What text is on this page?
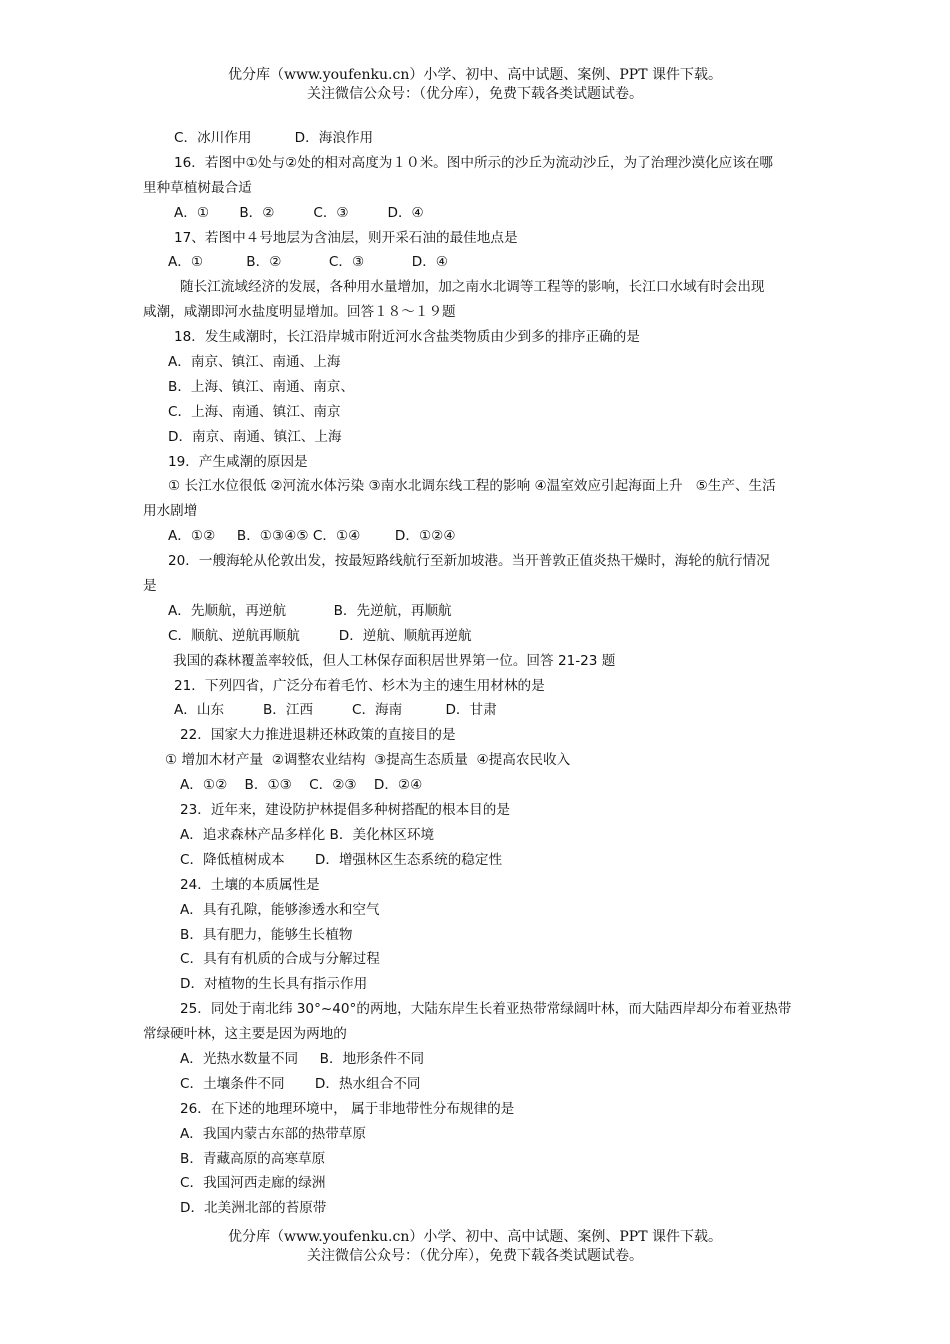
优分库（www.youfenku.cn）小学、初中、高中试题、案例、PPT 课件下载。
关注微信公众号：（优分库），免费下载各类试题试卷。
C．冰川作用          D．海浪作用
16．若图中①处与②处的相对高度为１０米。图中所示的沙丘为流动沙丘，为了治理沙漠化应该在哪
里种草植树最合适
A．①       B．②         C．③         D．④
17、若图中４号地层为含油层，则开采石油的最佳地点是
A．①          B．②           C．③           D．④
随长江流域经济的发展，各种用水量增加，加之南水北调等工程等的影响，长江口水域有时会出现
咸潮，咸潮即河水盐度明显增加。回答１８～１９题
18．发生咸潮时，长江沿岸城市附近河水含盐类物质由少到多的排序正确的是
A．南京、镇江、南通、上海
B．上海、镇江、南通、南京、
C．上海、南通、镇江、南京
D．南京、南通、镇江、上海
19．产生咸潮的原因是
① 长江水位很低 ②河流水体污染 ③南水北调东线工程的影响 ④温室效应引起海面上升   ⑤生产、生活
用水剧增
A．①②     B．①③④⑤ C．①④        D．①②④
20．一艘海轮从伦敦出发，按最短路线航行至新加坡港。当开普敦正值炎热干燥时，海轮的航行情况
是
A．先顺航，再逆航           B．先逆航，再顺航
C．顺航、逆航再顺航         D．逆航、顺航再逆航
我国的森林覆盖率较低，但人工林保存面积居世界第一位。回答 21-23 题
21．下列四省，广泛分布着毛竹、杉木为主的速生用材林的是
A．山东         B．江西         C．海南          D．甘肃
22．国家大力推进退耕还林政策的直接目的是
① 增加木材产量  ②调整农业结构  ③提高生态质量  ④提高农民收入
A．①②    B．①③    C．②③    D．②④
23．近年来，建设防护林提倡多种树搭配的根本目的是
A．追求森林产品多样化 B．美化林区环境
C．降低植树成本       D．增强林区生态系统的稳定性
24．土壤的本质属性是
A．具有孔隙，能够渗透水和空气
B．具有肥力，能够生长植物
C．具有有机质的合成与分解过程
D．对植物的生长具有指示作用
25．同处于南北纬 30°~40°的两地，大陆东岸生长着亚热带常绿阔叶林，而大陆西岸却分布着亚热带
常绿硬叶林，这主要是因为两地的
A．光热水数量不同     B．地形条件不同
C．土壤条件不同       D．热水组合不同
26．在下述的地理环境中， 属于非地带性分布规律的是
A．我国内蒙古东部的热带草原
B．青藏高原的高寒草原
C．我国河西走廊的绿洲
D．北美洲北部的苔原带
优分库（www.youfenku.cn）小学、初中、高中试题、案例、PPT 课件下载。
关注微信公众号：（优分库），免费下载各类试题试卷。
